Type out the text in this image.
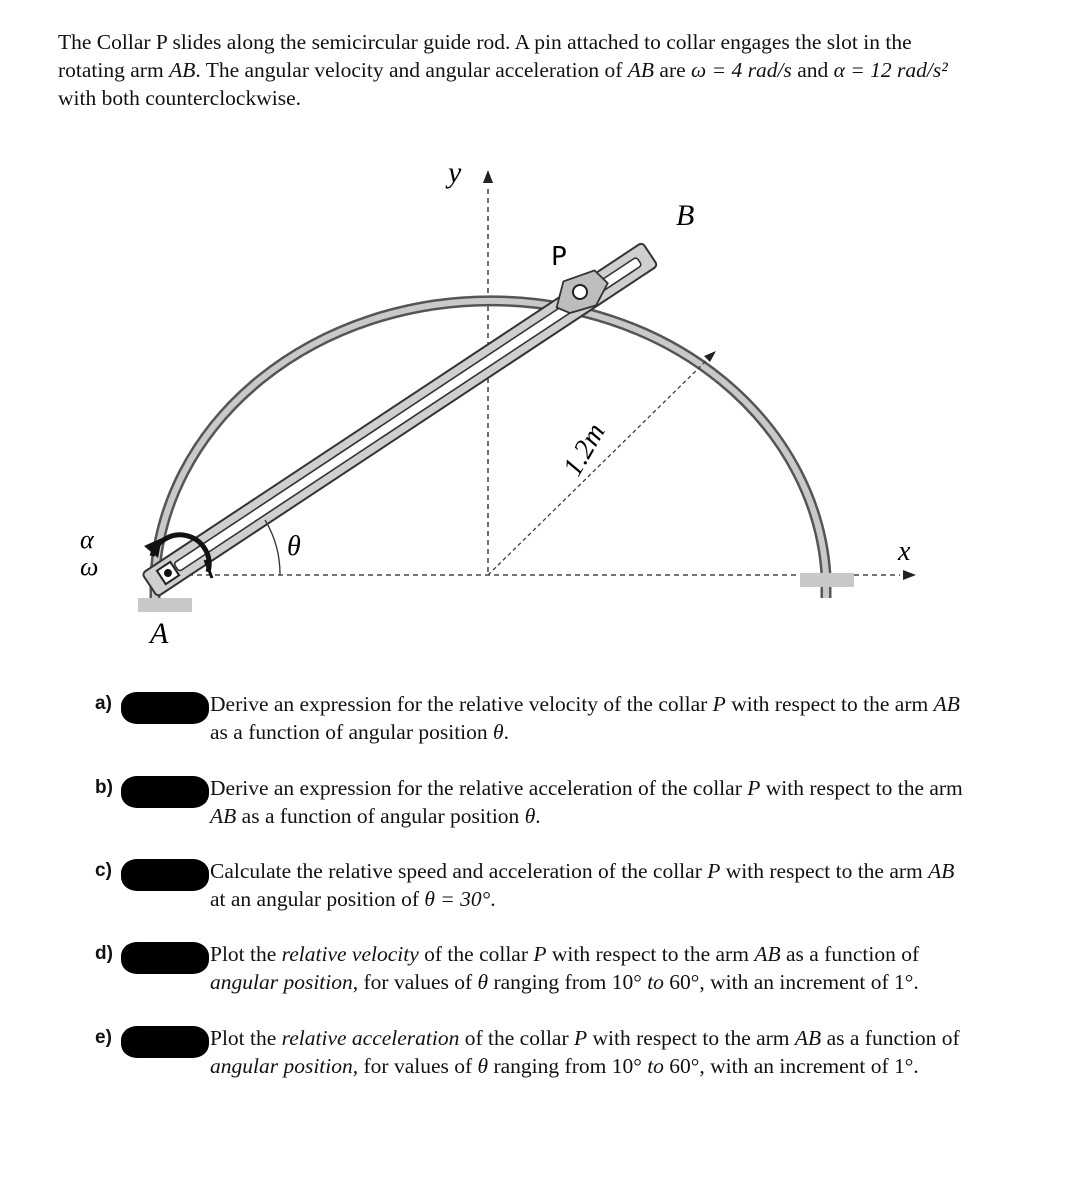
The Collar P slides along the semicircular guide rod. A pin attached to collar engages the slot in the rotating arm AB. The angular velocity and angular acceleration of AB are ω = 4 rad/s and α = 12 rad/s² with both counterclockwise.
y
x
B
P
A
θ
α
ω
1.2m
a)	Derive an expression for the relative velocity of the collar P with respect to the arm AB as a function of angular position θ.
b)	Derive an expression for the relative acceleration of the collar P with respect to the arm AB as a function of angular position θ.
c)	Calculate the relative speed and acceleration of the collar P with respect to the arm AB at an angular position of θ = 30°.
d)	Plot the relative velocity of the collar P with respect to the arm AB as a function of angular position, for values of θ ranging from 10° to 60°, with an increment of 1°.
e)	Plot the relative acceleration of the collar P with respect to the arm AB as a function of angular position, for values of θ ranging from 10° to 60°, with an increment of 1°.
